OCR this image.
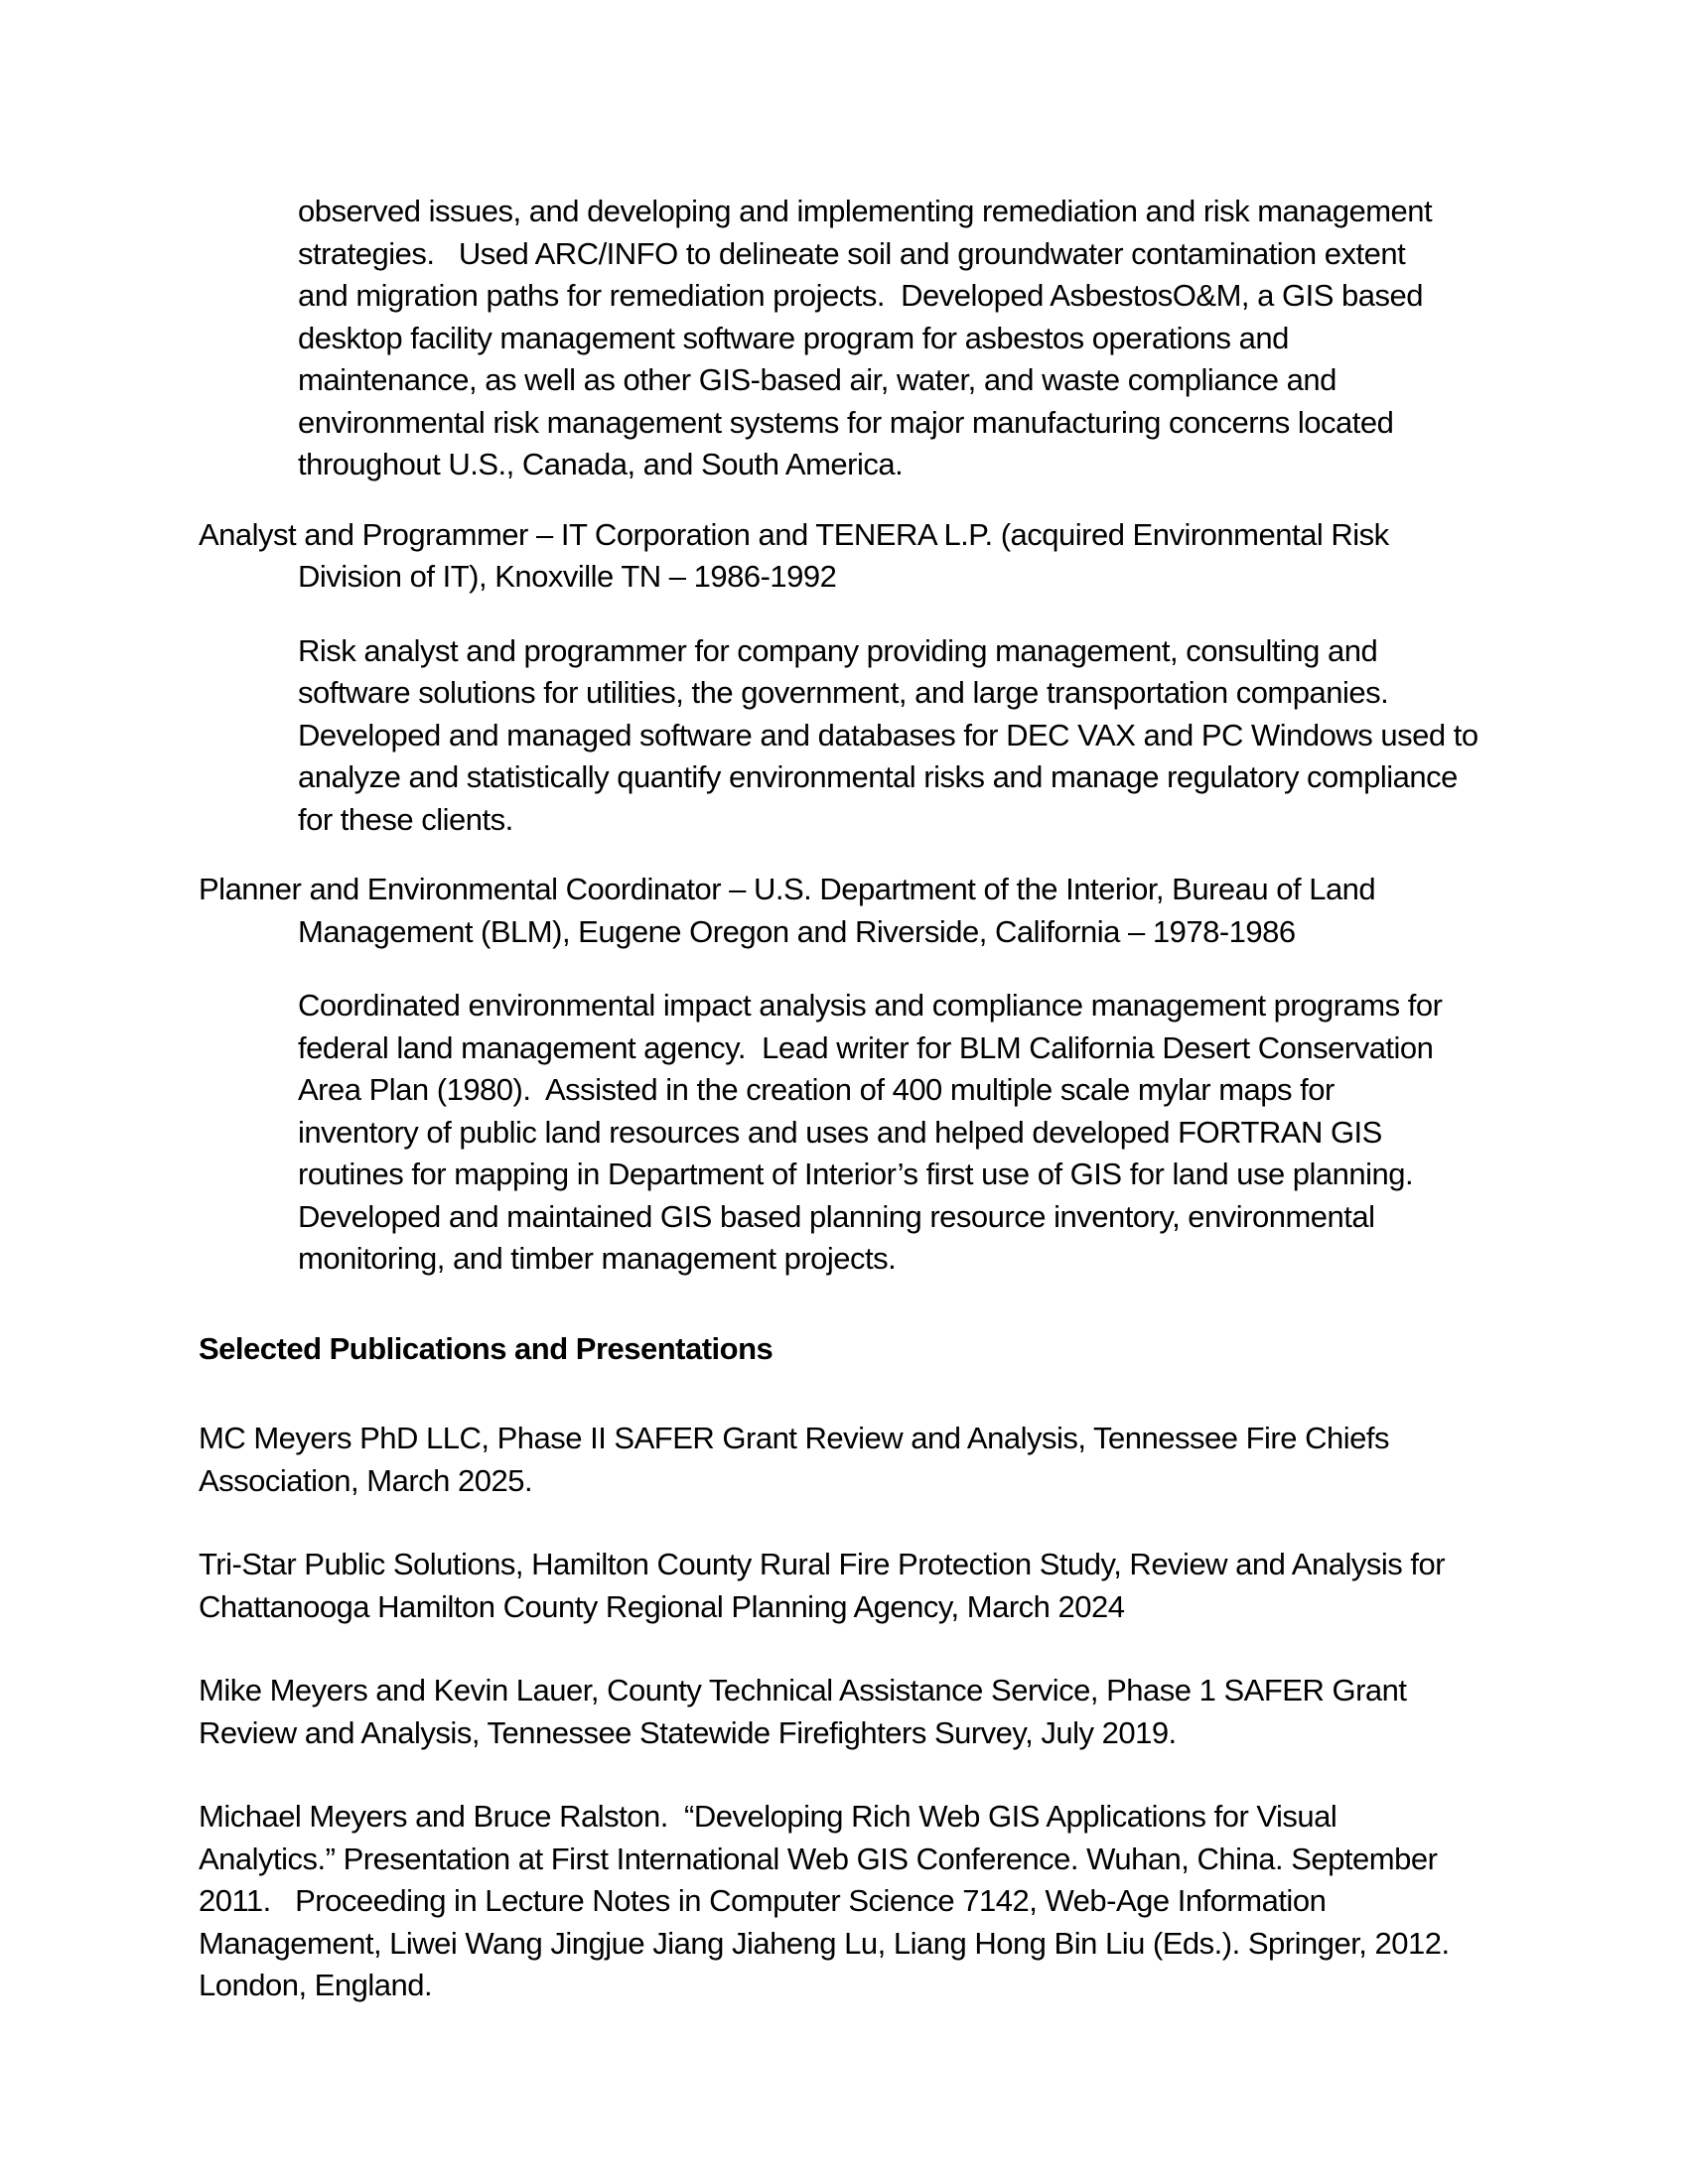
observed issues, and developing and implementing remediation and risk management
strategies.   Used ARC/INFO to delineate soil and groundwater contamination extent
and migration paths for remediation projects.  Developed AsbestosO&M, a GIS based
desktop facility management software program for asbestos operations and
maintenance, as well as other GIS-based air, water, and waste compliance and
environmental risk management systems for major manufacturing concerns located
throughout U.S., Canada, and South America.
Analyst and Programmer – IT Corporation and TENERA L.P. (acquired Environmental Risk
Division of IT), Knoxville TN – 1986-1992
Risk analyst and programmer for company providing management, consulting and
software solutions for utilities, the government, and large transportation companies.
Developed and managed software and databases for DEC VAX and PC Windows used to
analyze and statistically quantify environmental risks and manage regulatory compliance
for these clients.
Planner and Environmental Coordinator – U.S. Department of the Interior, Bureau of Land
Management (BLM), Eugene Oregon and Riverside, California – 1978-1986
Coordinated environmental impact analysis and compliance management programs for
federal land management agency.  Lead writer for BLM California Desert Conservation
Area Plan (1980).  Assisted in the creation of 400 multiple scale mylar maps for
inventory of public land resources and uses and helped developed FORTRAN GIS
routines for mapping in Department of Interior’s first use of GIS for land use planning.
Developed and maintained GIS based planning resource inventory, environmental
monitoring, and timber management projects.
Selected Publications and Presentations
MC Meyers PhD LLC, Phase II SAFER Grant Review and Analysis, Tennessee Fire Chiefs
Association, March 2025.
Tri-Star Public Solutions, Hamilton County Rural Fire Protection Study, Review and Analysis for
Chattanooga Hamilton County Regional Planning Agency, March 2024
Mike Meyers and Kevin Lauer, County Technical Assistance Service, Phase 1 SAFER Grant
Review and Analysis, Tennessee Statewide Firefighters Survey, July 2019.
Michael Meyers and Bruce Ralston.  “Developing Rich Web GIS Applications for Visual
Analytics.” Presentation at First International Web GIS Conference. Wuhan, China. September
2011.   Proceeding in Lecture Notes in Computer Science 7142, Web-Age Information
Management, Liwei Wang Jingjue Jiang Jiaheng Lu, Liang Hong Bin Liu (Eds.). Springer, 2012.
London, England.
